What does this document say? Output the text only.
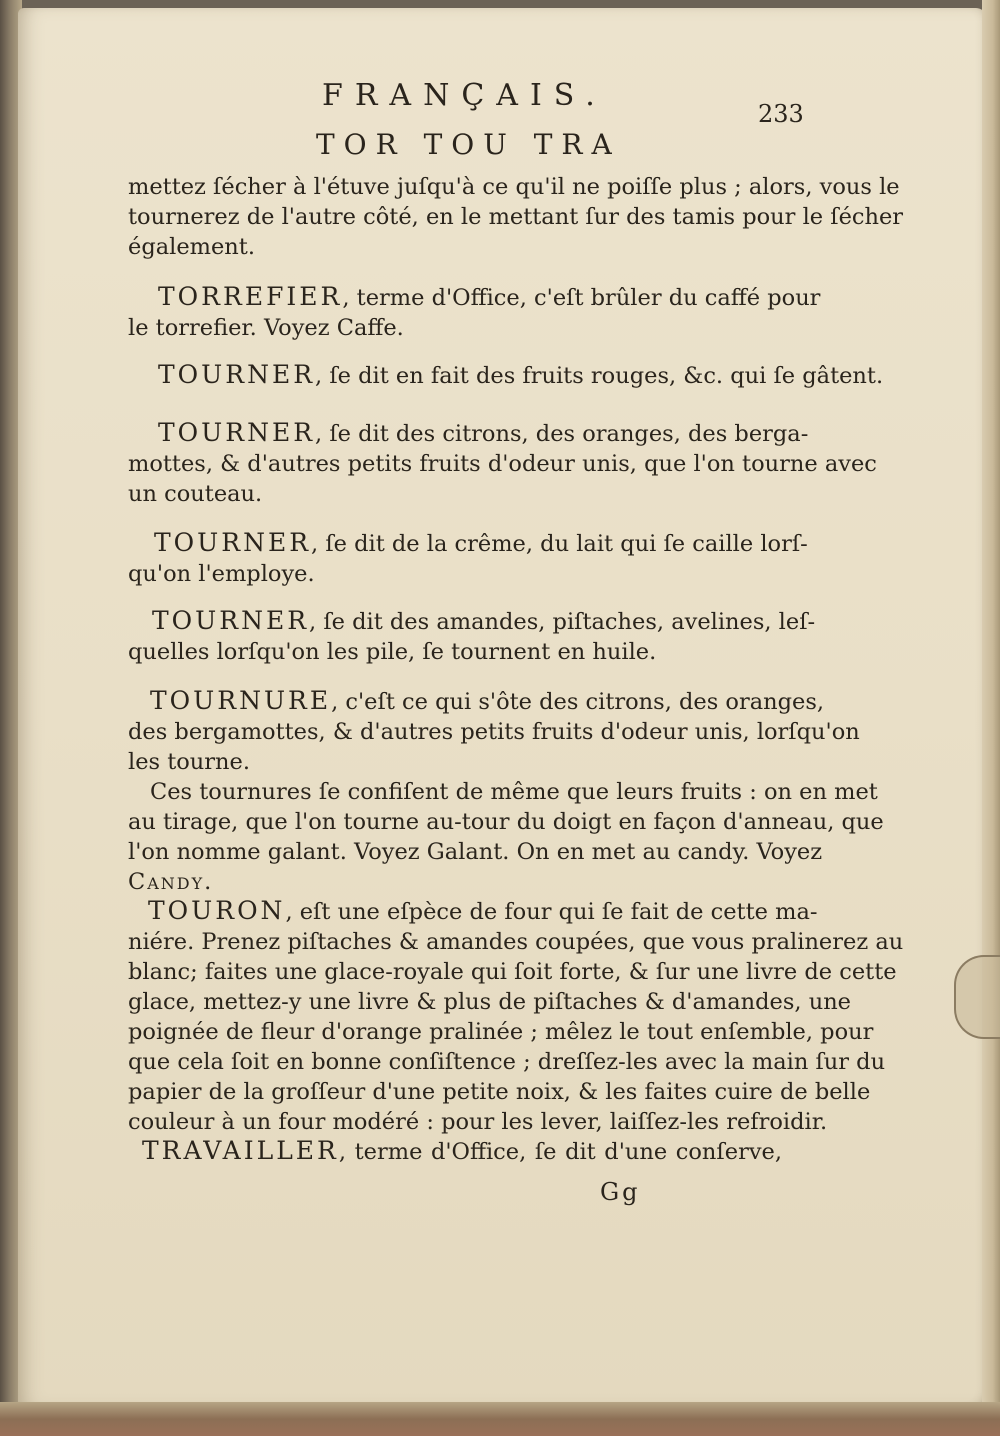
FRANÇAIS.
233
TOR TOU TRA
mettez ſécher à l'étuve juſqu'à ce qu'il ne poiſſe plus ; alors, vous le
tournerez de l'autre côté, en le mettant ſur des tamis pour le ſécher
également.
TORREFIER, terme d'Office, c'eſt brûler du caffé pour
le torrefier. Voyez Caffe.
TOURNER, ſe dit en fait des fruits rouges, &c. qui ſe gâtent.
TOURNER, ſe dit des citrons, des oranges, des berga-
mottes, & d'autres petits fruits d'odeur unis, que l'on tourne avec
un couteau.
TOURNER, ſe dit de la crême, du lait qui ſe caille lorſ-
qu'on l'employe.
TOURNER, ſe dit des amandes, piſtaches, avelines, leſ-
quelles lorſqu'on les pile, ſe tournent en huile.
TOURNURE, c'eſt ce qui s'ôte des citrons, des oranges,
des bergamottes, & d'autres petits fruits d'odeur unis, lorſqu'on
les tourne.
Ces tournures ſe confiſent de même que leurs fruits : on en met
au tirage, que l'on tourne au-tour du doigt en façon d'anneau, que
l'on nomme galant. Voyez Galant. On en met au candy. Voyez
Candy.
TOURON, eſt une eſpèce de four qui ſe fait de cette ma-
niére. Prenez piſtaches & amandes coupées, que vous pralinerez au
blanc; faites une glace-royale qui ſoit forte, & ſur une livre de cette
glace, mettez-y une livre & plus de piſtaches & d'amandes, une
poignée de fleur d'orange pralinée ; mêlez le tout enſemble, pour
que cela ſoit en bonne conſiſtence ; dreſſez-les avec la main ſur du
papier de la groſſeur d'une petite noix, & les faites cuire de belle
couleur à un four modéré : pour les lever, laiſſez-les refroidir.
TRAVAILLER, terme d'Office, ſe dit d'une conſerve,
Gg
